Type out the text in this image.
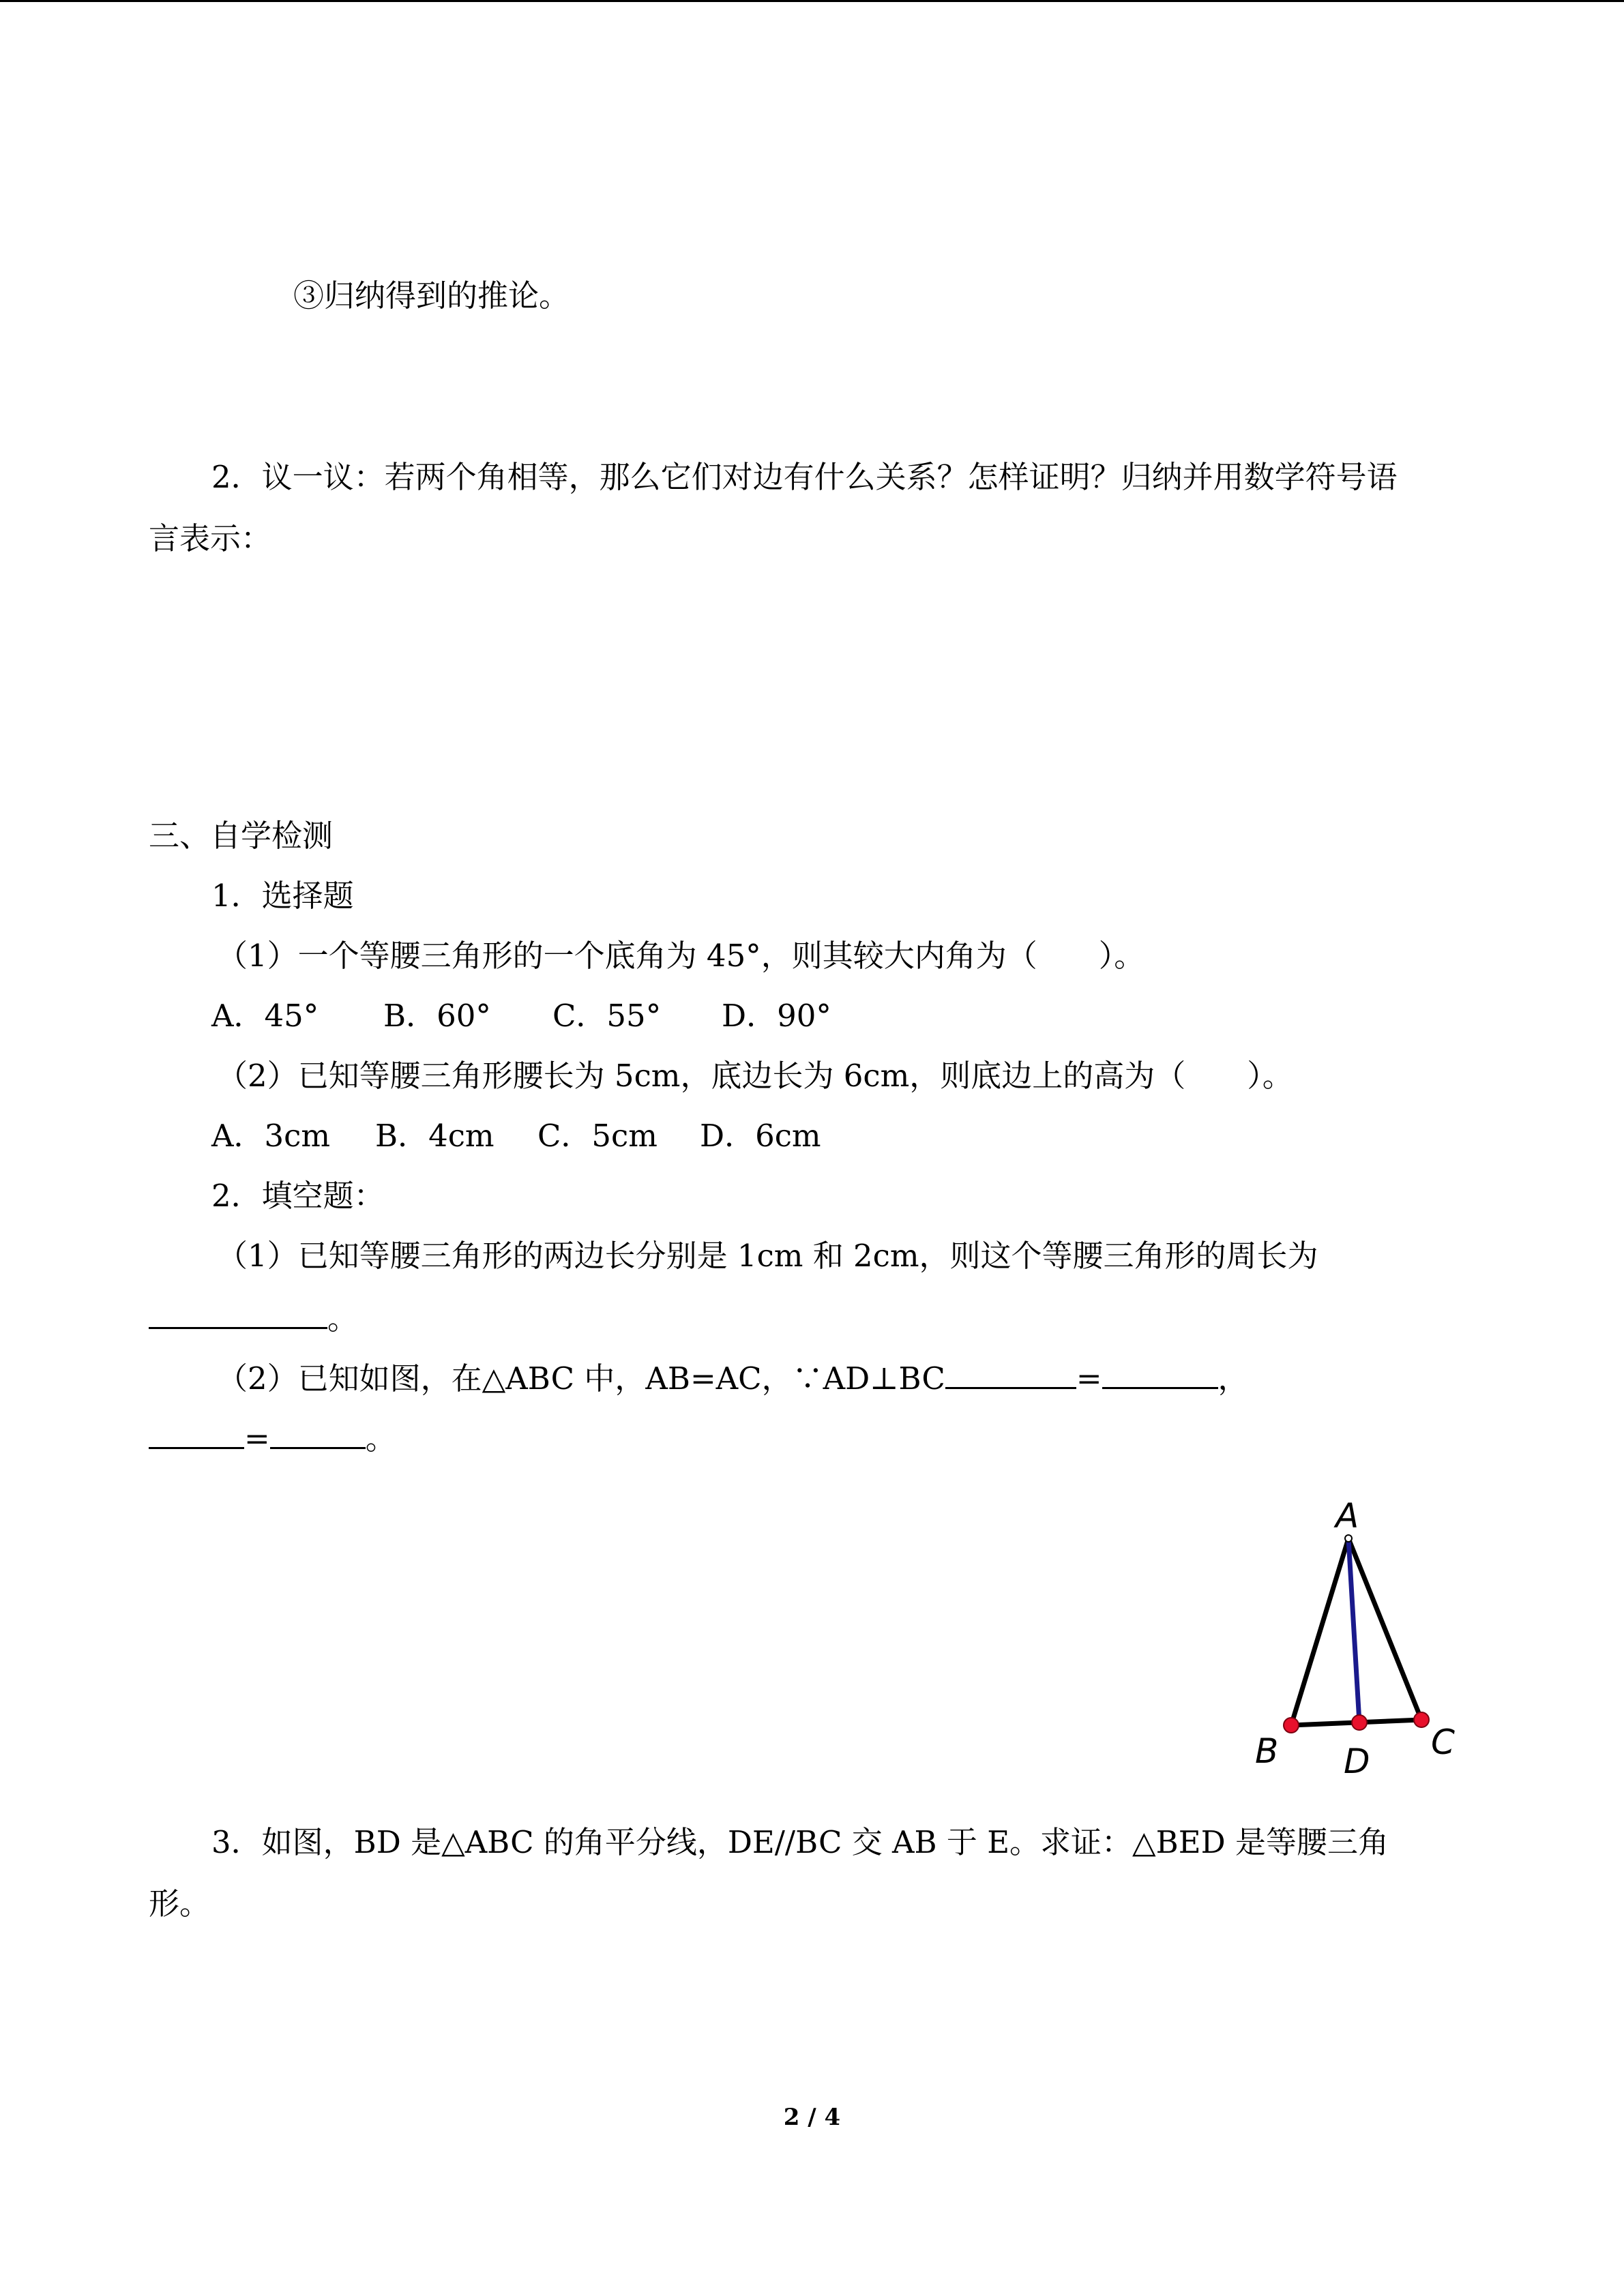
③归纳得到的推论。
2．议一议：若两个角相等，那么它们对边有什么关系？怎样证明？归纳并用数学符号语
言表示：
三、自学检测
1．选择题
（1）一个等腰三角形的一个底角为 45°，则其较大内角为（　　）。
A．45° B．60° C．55° D．90°
（2）已知等腰三角形腰长为 5cm，底边长为 6cm，则底边上的高为（　　）。
A．3cm B．4cm C．5cm D．6cm
2．填空题：
（1）已知等腰三角形的两边长分别是 1cm 和 2cm，则这个等腰三角形的周长为
。
（2）已知如图，在△ABC 中，AB=AC，∵AD⊥BC	=	，
=	。
A
B D C
3．如图，BD 是△ABC 的角平分线，DE//BC 交 AB 于 E。求证：△BED 是等腰三角
形。
2 / 4
